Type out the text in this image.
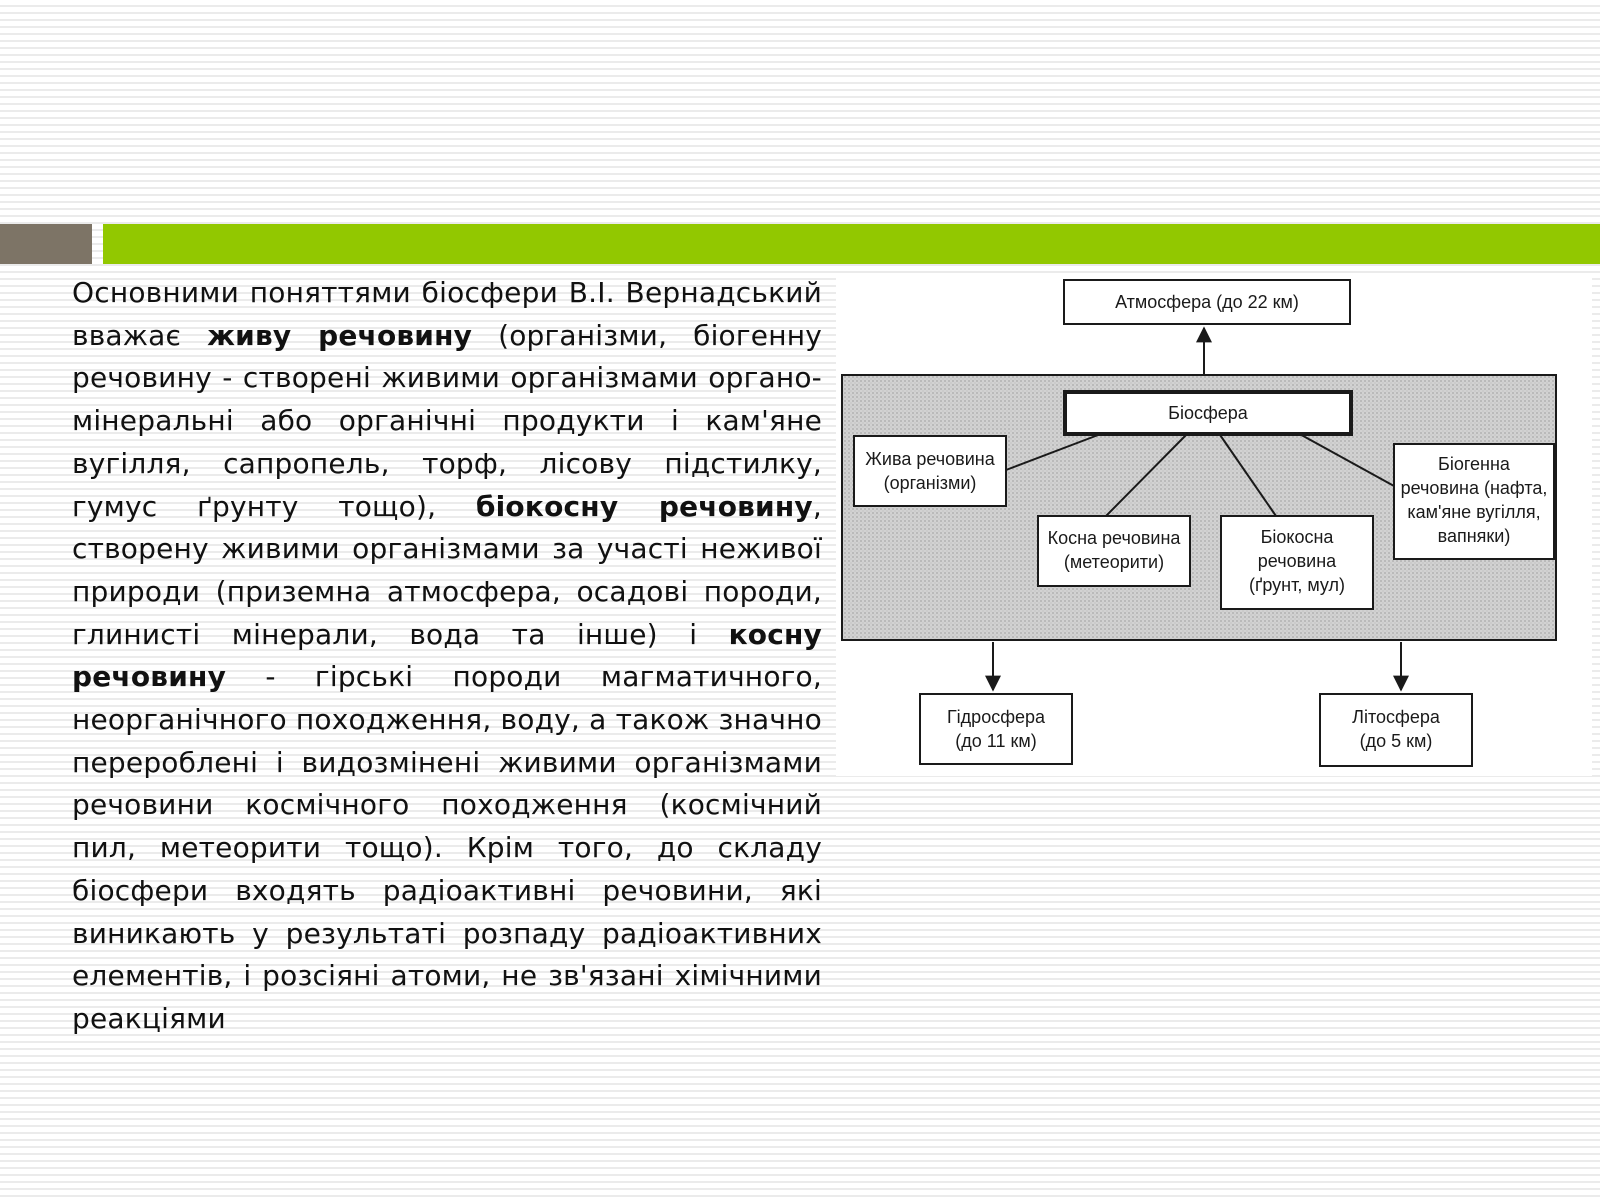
Основними поняттями біосфери В.І. Вернадський вважає живу речовину (організми, біогенну речовину - створені живими організмами органо-мінеральні або органічні продукти і кам'яне вугілля, сапропель, торф, лісову підстилку, гумус ґрунту тощо), біокосну речовину, створену живими організмами за участі неживої природи (приземна атмосфера, осадові породи, глинисті мінерали, вода та інше) і косну речовину - гірські породи магматичного, неорганічного походження, воду, а також значно перероблені і видозмінені живими організмами речовини космічного походження (космічний пил, метеорити тощо). Крім того, до складу біосфери входять радіоактивні речовини, які виникають у результаті розпаду радіоактивних елементів, і розсіяні атоми, не зв'язані хімічними реакціями
Атмосфера (до 22 км)
Біосфера
Жива речовина
(організми)
Біогенна
речовина (нафта,
кам'яне вугілля,
вапняки)
Косна речовина
(метеорити)
Біокосна
речовина
(ґрунт, мул)
Гідросфера
(до 11 км)
Літосфера
(до 5 км)
